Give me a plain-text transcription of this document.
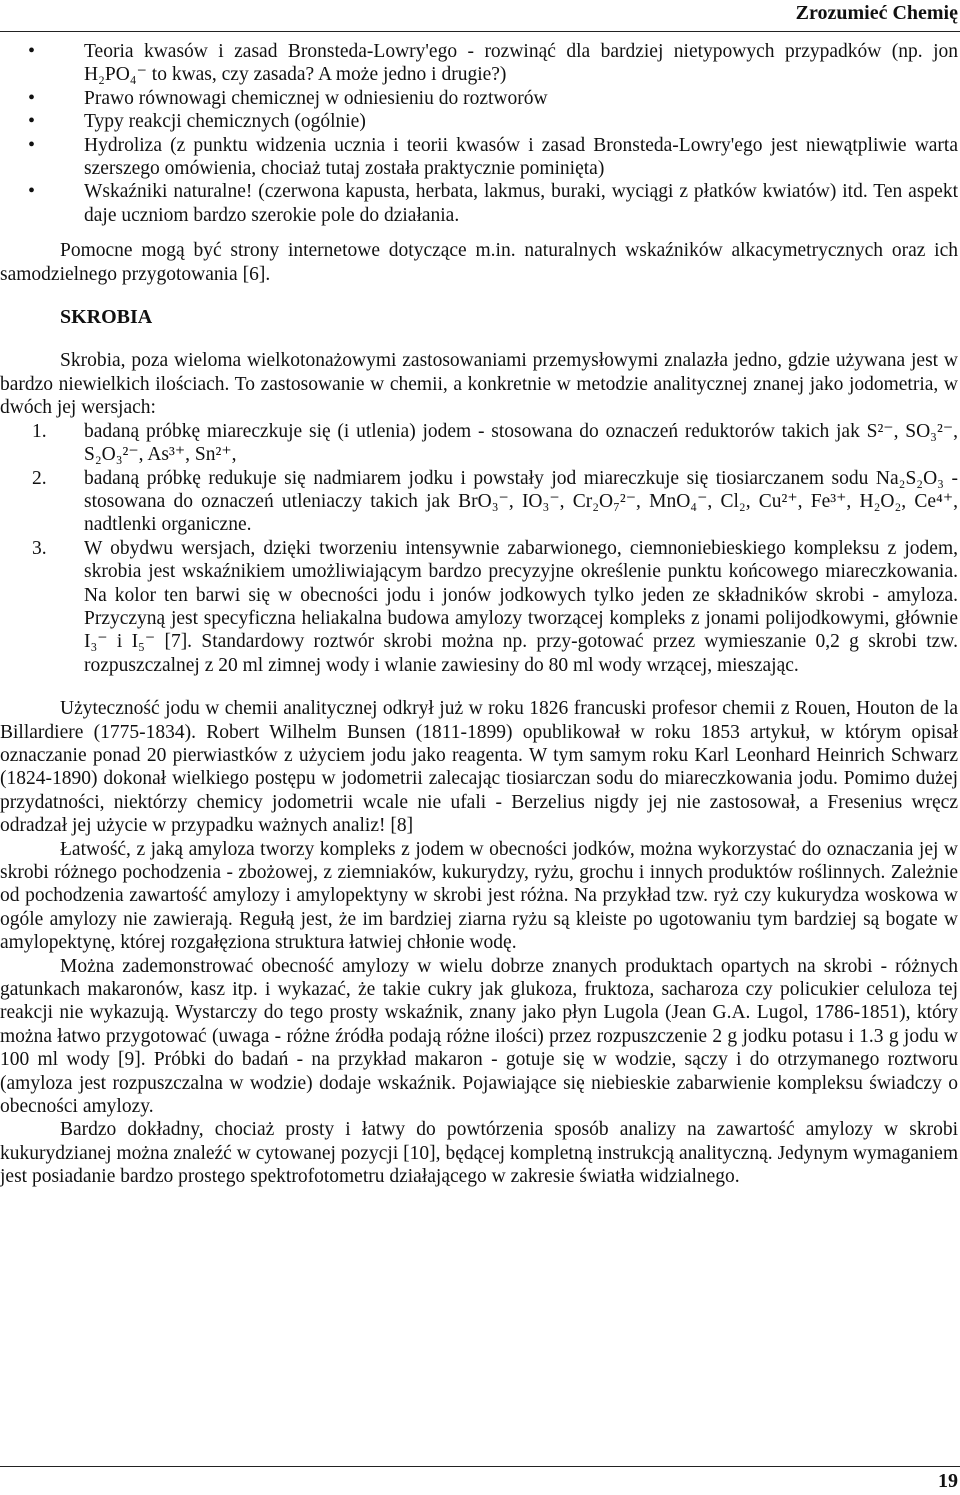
Zrozumieć Chemię
• Teoria kwasów i zasad Bronsteda-Lowry'ego - rozwinąć dla bardziej nietypowych przypadków (np. jon H₂PO₄⁻ to kwas, czy zasada? A może jedno i drugie?)
• Prawo równowagi chemicznej w odniesieniu do roztworów
• Typy reakcji chemicznych (ogólnie)
• Hydroliza (z punktu widzenia ucznia i teorii kwasów i zasad Bronsteda-Lowry'ego jest niewątpliwie warta szerszego omówienia, chociaż tutaj została praktycznie pominięta)
• Wskaźniki naturalne! (czerwona kapusta, herbata, lakmus, buraki, wyciągi z płatków kwiatów) itd. Ten aspekt daje uczniom bardzo szerokie pole do działania.

Pomocne mogą być strony internetowe dotyczące m.in. naturalnych wskaźników alkacymetrycznych oraz ich samodzielnego przygotowania [6].

SKROBIA

Skrobia, poza wieloma wielkotonażowymi zastosowaniami przemysłowymi znalazła jedno, gdzie używana jest w bardzo niewielkich ilościach. To zastosowanie w chemii, a konkretnie w metodzie analitycznej znanej jako jodometria, w dwóch jej wersjach:

1. badaną próbkę miareczkuje się (i utlenia) jodem - stosowana do oznaczeń reduktorów takich jak S²⁻, SO₃²⁻, S₂O₃²⁻, As³⁺, Sn²⁺,
2. badaną próbkę redukuje się nadmiarem jodku i powstały jod miareczkuje się tiosiarczanem sodu Na₂S₂O₃ - stosowana do oznaczeń utleniaczy takich jak BrO₃⁻, IO₃⁻, Cr₂O₇²⁻, MnO₄⁻, Cl₂, Cu²⁺, Fe³⁺, H₂O₂, Ce⁴⁺, nadtlenki organiczne.
3. W obydwu wersjach, dzięki tworzeniu intensywnie zabarwionego, ciemnoniebieskiego kompleksu z jodem, skrobia jest wskaźnikiem umożliwiającym bardzo precyzyjne określenie punktu końcowego miareczkowania. Na kolor ten barwi się w obecności jodu i jonów jodkowych tylko jeden ze składników skrobi - amyloza. Przyczyną jest specyficzna heliakalna budowa amylozy tworzącej kompleks z jonami polijodkowymi, głównie I₃⁻ i I₅⁻ [7]. Standardowy roztwór skrobi można np. przy-gotować przez wymieszanie 0,2 g skrobi tzw. rozpuszczalnej z 20 ml zimnej wody i wlanie zawiesiny do 80 ml wody wrzącej, mieszając.

Użyteczność jodu w chemii analitycznej odkrył już w roku 1826 francuski profesor chemii z Rouen, Houton de la Billardiere (1775-1834). Robert Wilhelm Bunsen (1811-1899) opublikował w roku 1853 artykuł, w którym opisał oznaczanie ponad 20 pierwiastków z użyciem jodu jako reagenta. W tym samym roku Karl Leonhard Heinrich Schwarz (1824-1890) dokonał wielkiego postępu w jodometrii zalecając tiosiarczan sodu do miareczkowania jodu. Pomimo dużej przydatności, niektórzy chemicy jodometrii wcale nie ufali - Berzelius nigdy jej nie zastosował, a Fresenius wręcz odradzał jej użycie w przypadku ważnych analiz! [8]

Łatwość, z jaką amyloza tworzy kompleks z jodem w obecności jodków, można wykorzystać do oznaczania jej w skrobi różnego pochodzenia - zbożowej, z ziemniaków, kukurydzy, ryżu, grochu i innych produktów roślinnych. Zależnie od pochodzenia zawartość amylozy i amylopektyny w skrobi jest różna. Na przykład tzw. ryż czy kukurydza woskowa w ogóle amylozy nie zawierają. Regułą jest, że im bardziej ziarna ryżu są kleiste po ugotowaniu tym bardziej są bogate w amylopektynę, której rozgałęziona struktura łatwiej chłonie wodę.

Można zademonstrować obecność amylozy w wielu dobrze znanych produktach opartych na skrobi - różnych gatunkach makaronów, kasz itp. i wykazać, że takie cukry jak glukoza, fruktoza, sacharoza czy policukier celuloza tej reakcji nie wykazują. Wystarczy do tego prosty wskaźnik, znany jako płyn Lugola (Jean G.A. Lugol, 1786-1851), który można łatwo przygotować (uwaga - różne źródła podają różne ilości) przez rozpuszczenie 2 g jodku potasu i 1.3 g jodu w 100 ml wody [9]. Próbki do badań - na przykład makaron - gotuje się w wodzie, sączy i do otrzymanego roztworu (amyloza jest rozpuszczalna w wodzie) dodaje wskaźnik. Pojawiające się niebieskie zabarwienie kompleksu świadczy o obecności amylozy.

Bardzo dokładny, chociaż prosty i łatwy do powtórzenia sposób analizy na zawartość amylozy w skrobi kukurydzianej można znaleźć w cytowanej pozycji [10], będącej kompletną instrukcją analityczną. Jedynym wymaganiem jest posiadanie bardzo prostego spektrofotometru działającego w zakresie światła widzialnego.

19
